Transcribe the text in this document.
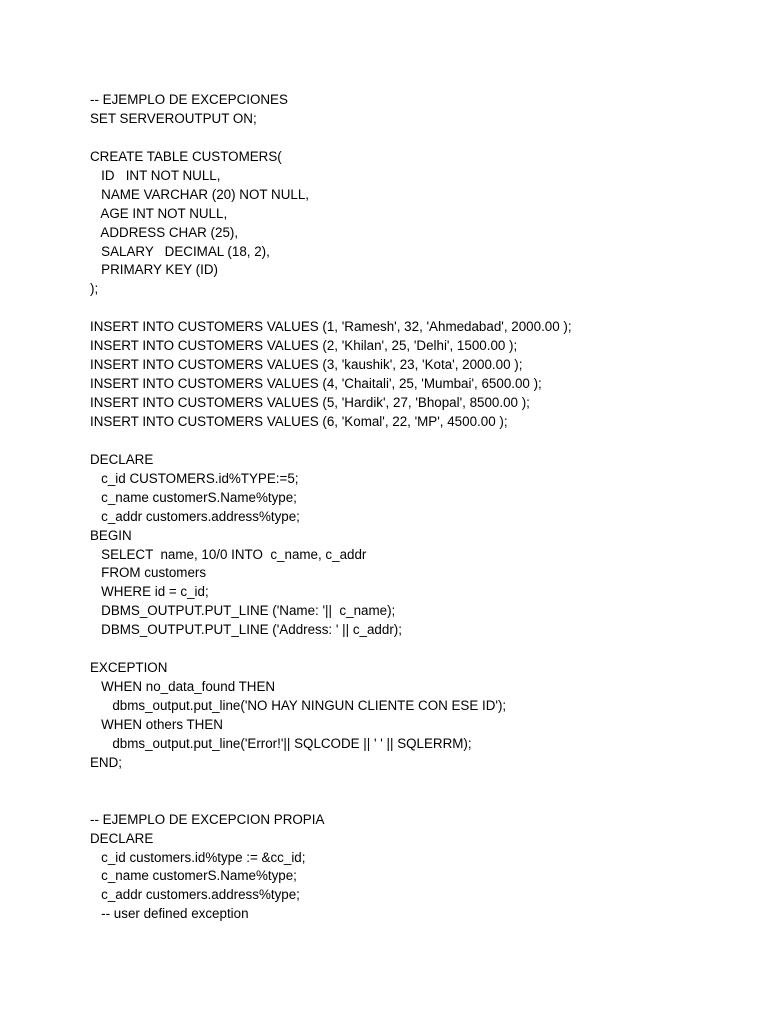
-- EJEMPLO DE EXCEPCIONES
SET SERVEROUTPUT ON;
CREATE TABLE CUSTOMERS(
ID   INT NOT NULL,
NAME VARCHAR (20) NOT NULL,
AGE INT NOT NULL,
ADDRESS CHAR (25),
SALARY   DECIMAL (18, 2),
PRIMARY KEY (ID)
);
INSERT INTO CUSTOMERS VALUES (1, 'Ramesh', 32, 'Ahmedabad', 2000.00 );
INSERT INTO CUSTOMERS VALUES (2, 'Khilan', 25, 'Delhi', 1500.00 );
INSERT INTO CUSTOMERS VALUES (3, 'kaushik', 23, 'Kota', 2000.00 );
INSERT INTO CUSTOMERS VALUES (4, 'Chaitali', 25, 'Mumbai', 6500.00 );
INSERT INTO CUSTOMERS VALUES (5, 'Hardik', 27, 'Bhopal', 8500.00 );
INSERT INTO CUSTOMERS VALUES (6, 'Komal', 22, 'MP', 4500.00 );
DECLARE
c_id CUSTOMERS.id%TYPE:=5;
c_name customerS.Name%type;
c_addr customers.address%type;
BEGIN
SELECT  name, 10/0 INTO  c_name, c_addr
FROM customers
WHERE id = c_id;
DBMS_OUTPUT.PUT_LINE ('Name: '||  c_name);
DBMS_OUTPUT.PUT_LINE ('Address: ' || c_addr);
EXCEPTION
WHEN no_data_found THEN
dbms_output.put_line('NO HAY NINGUN CLIENTE CON ESE ID');
WHEN others THEN
dbms_output.put_line('Error!'|| SQLCODE || ' ' || SQLERRM);
END;
-- EJEMPLO DE EXCEPCION PROPIA
DECLARE
c_id customers.id%type := &cc_id;
c_name customerS.Name%type;
c_addr customers.address%type;
-- user defined exception
